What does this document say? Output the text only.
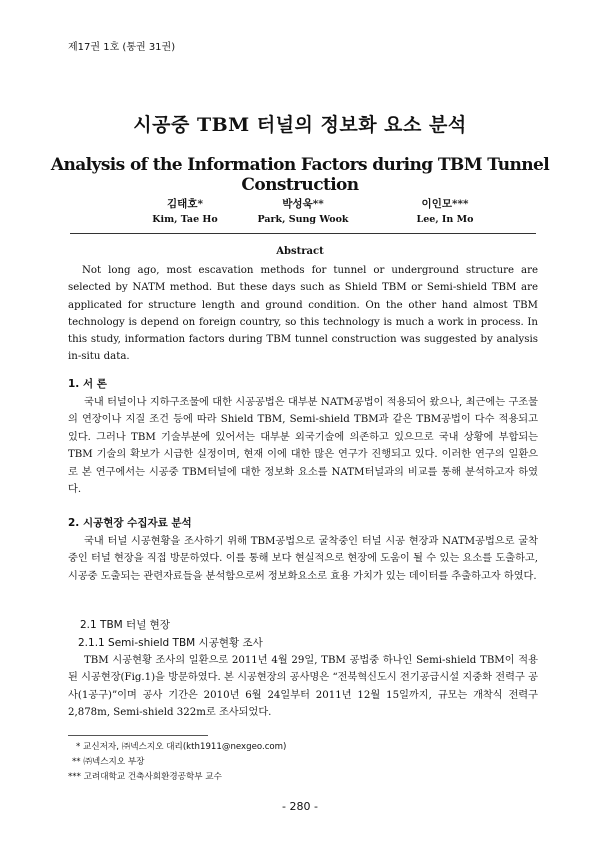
제17권 1호 (통권 31권)
시공중 TBM 터널의 정보화 요소 분석
Analysis of the Information Factors during TBM Tunnel Construction
김태호*
Kim, Tae Ho
박성욱**
Park, Sung Wook
이인모***
Lee, In Mo
Abstract

Not long ago, most escavation methods for tunnel or underground structure are selected by NATM method. But these days such as Shield TBM or Semi-shield TBM are applicated for structure length and ground condition. On the other hand almost TBM technology is depend on foreign country, so this technology is much a work in process. In this study, information factors during TBM tunnel construction was suggested by analysis in-situ data.

1. 서 론

국내 터널이나 지하구조물에 대한 시공공법은 대부분 NATM공법이 적용되어 왔으나, 최근에는 구조물의 연장이나 지질 조건 등에 따라 Shield TBM, Semi-shield TBM과 같은 TBM공법이 다수 적용되고 있다. 그러나 TBM 기술부분에 있어서는 대부분 외국기술에 의존하고 있으므로 국내 상황에 부합되는 TBM 기술의 확보가 시급한 실정이며, 현재 이에 대한 많은 연구가 진행되고 있다. 이러한 연구의 일환으로 본 연구에서는 시공중 TBM터널에 대한 정보화 요소를 NATM터널과의 비교를 통해 분석하고자 하였다.

2. 시공현장 수집자료 분석

국내 터널 시공현황을 조사하기 위해 TBM공법으로 굴착중인 터널 시공 현장과 NATM공법으로 굴착중인 터널 현장을 직접 방문하였다. 이를 통해 보다 현실적으로 현장에 도움이 될 수 있는 요소를 도출하고, 시공중 도출되는 관련자료들을 분석함으로써 정보화요소로 효용 가치가 있는 데이터를 추출하고자 하였다.

2.1 TBM 터널 현장
2.1.1 Semi-shield TBM 시공현황 조사

TBM 시공현황 조사의 일환으로 2011년 4월 29일, TBM 공법중 하나인 Semi-shield TBM이 적용된 시공현장(Fig.1)을 방문하였다. 본 시공현장의 공사명은 “전북혁신도시 전기공급시설 지중화 전력구 공사(1공구)”이며 공사 기간은 2010년 6월 24일부터 2011년 12월 15일까지, 규모는 개착식 전력구 2,878m, Semi-shield 322m로 조사되었다.

* 교신저자, ㈜넥스지오 대리(kth1911@nexgeo.com)
** ㈜넥스지오 부장
*** 고려대학교 건축사회환경공학부 교수
- 280 -
